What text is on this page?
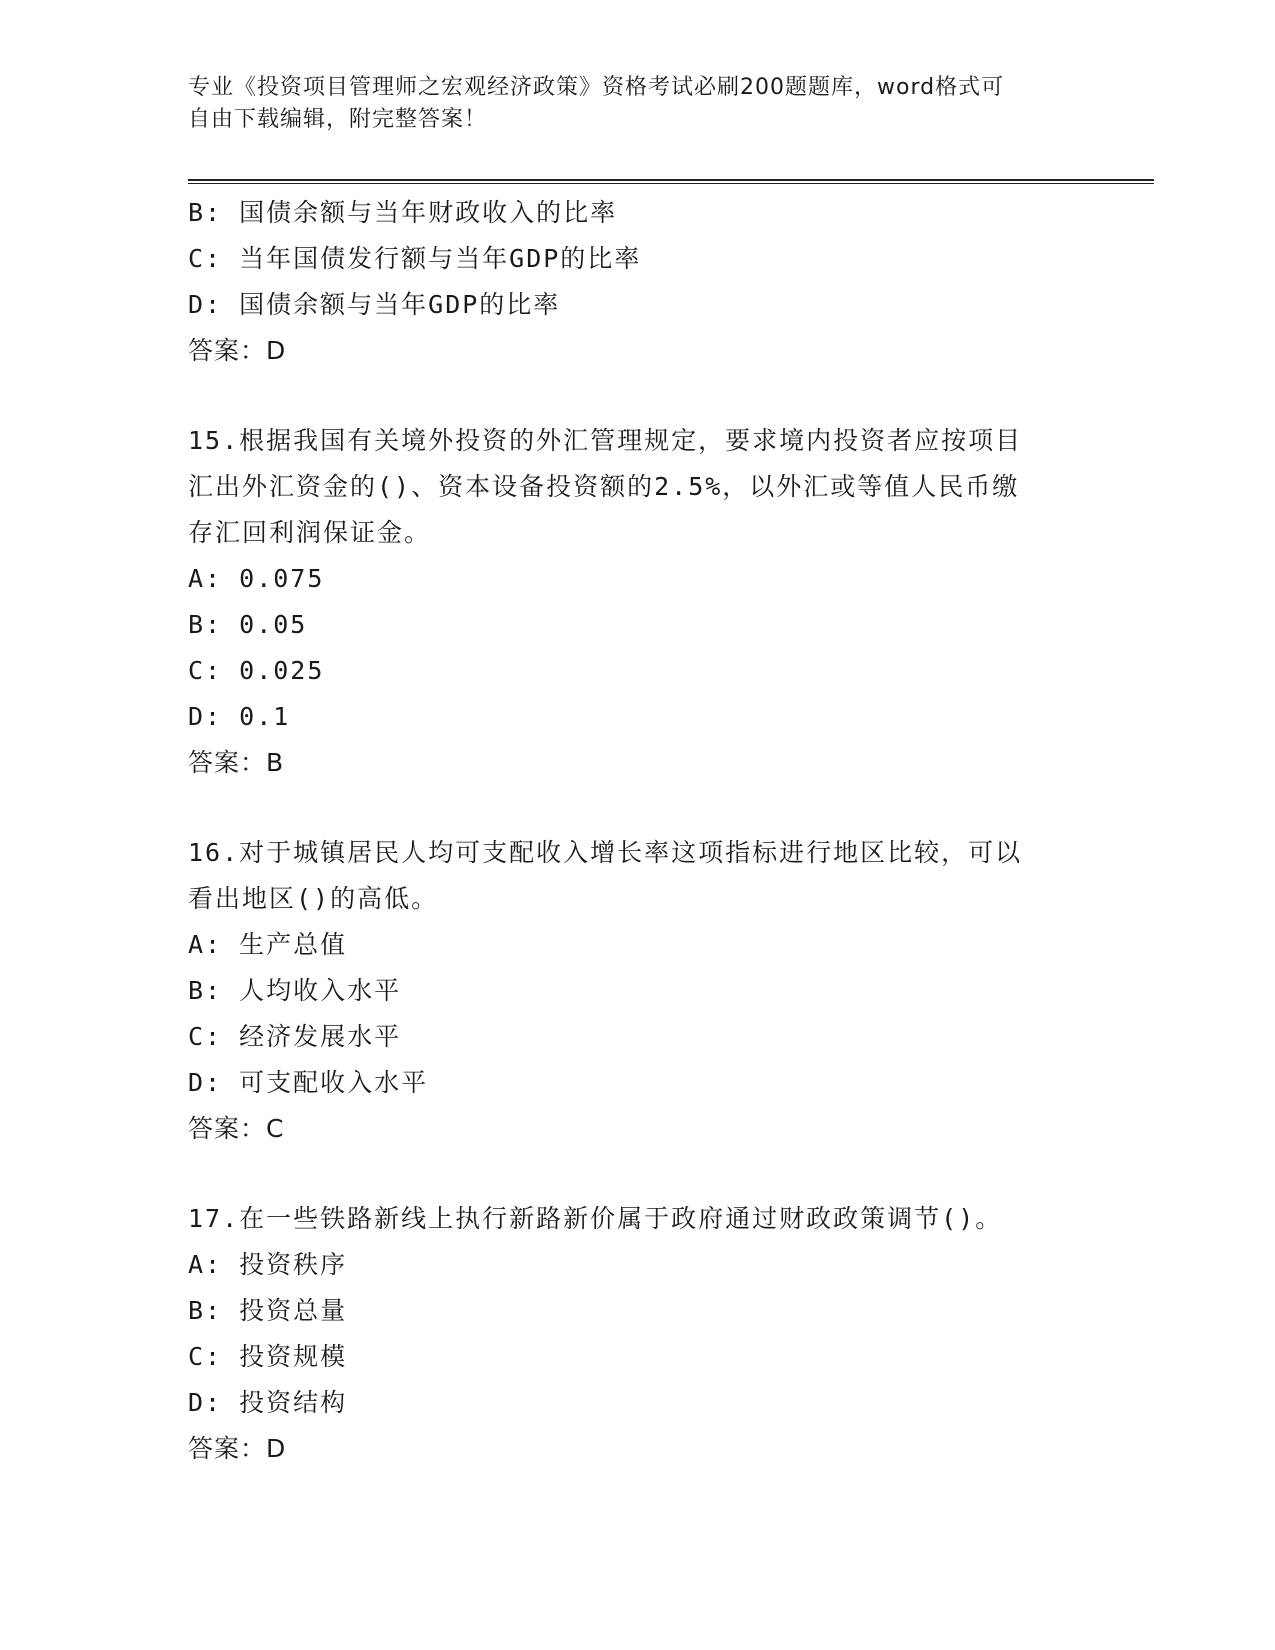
专业《投资项目管理师之宏观经济政策》资格考试必刷200题题库，word格式可
自由下载编辑，附完整答案！
B: 国债余额与当年财政收入的比率
C: 当年国债发行额与当年GDP的比率
D: 国债余额与当年GDP的比率
答案：D
15.根据我国有关境外投资的外汇管理规定，要求境内投资者应按项目
汇出外汇资金的()、资本设备投资额的2.5%，以外汇或等值人民币缴
存汇回利润保证金。
A: 0.075
B: 0.05
C: 0.025
D: 0.1
答案：B
16.对于城镇居民人均可支配收入增长率这项指标进行地区比较，可以
看出地区()的高低。
A: 生产总值
B: 人均收入水平
C: 经济发展水平
D: 可支配收入水平
答案：C
17.在一些铁路新线上执行新路新价属于政府通过财政政策调节()。
A: 投资秩序
B: 投资总量
C: 投资规模
D: 投资结构
答案：D
